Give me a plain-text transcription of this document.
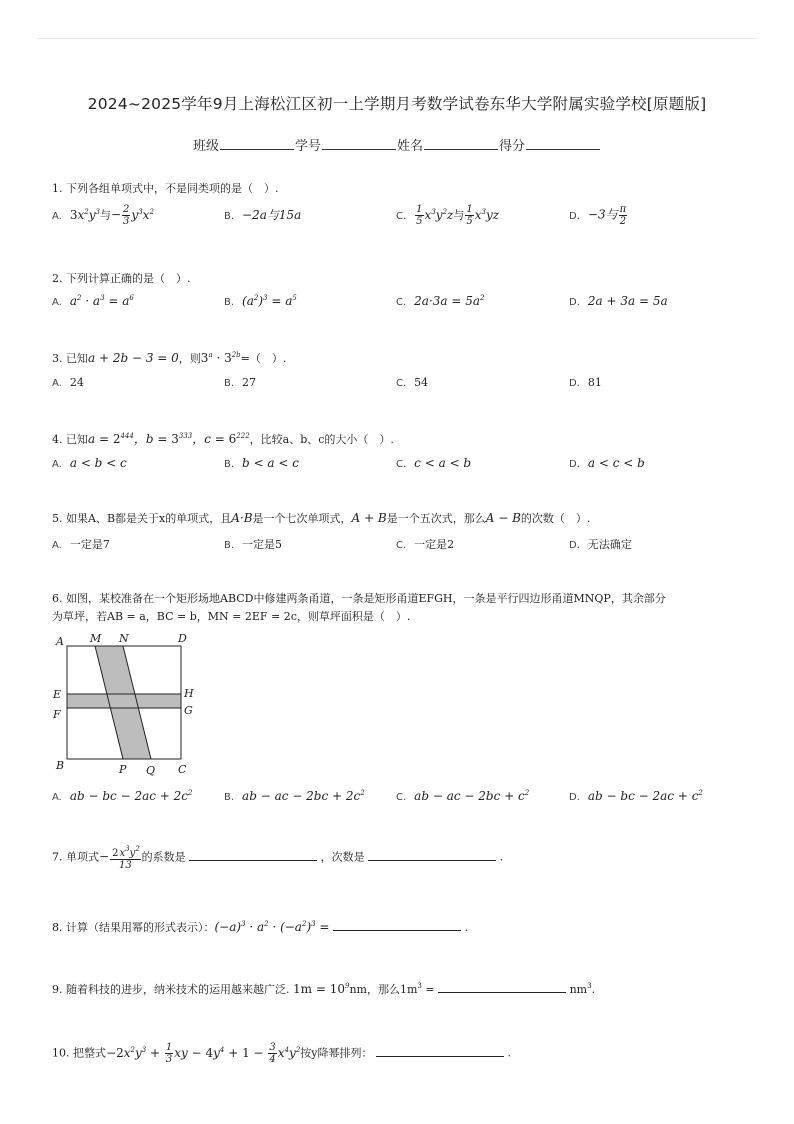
2024~2025学年9月上海松江区初一上学期月考数学试卷东华大学附属实验学校[原题版]
班级	学号	姓名	得分
1. 下列各组单项式中，不是同类项的是（　）.
A. $3x^2y^3$与− $\frac{2}{3} y^3x^2$	B. −2a与15a	C. $\frac{1}{5} x^3y^2z$与 $\frac{1}{5} x^3yz$	D. −3与 $\frac{\pi}{2}$
2. 下列计算正确的是（　）.
A. $a^2 \cdot a^3 = a^6$	B. $(a^2)^3 = a^5$	C. $2a\cdot 3a = 5a^2$	D. 2a + 3a = 5a
3. 已知a + 2b − 3 = 0，则$3^a \cdot 3^{2b}=$（　）.
A. 24	B. 27	C. 54	D. 81
4. 已知$a = 2^{444}$，$b = 3^{333}$，$c = 6^{222}$，比较a、b、c的大小（　）.
A. a < b < c	B. b < a < c	C. c < a < b	D. a < c < b
5. 如果A、B都是关于x的单项式，且A·B是一个七次单项式，A + B是一个五次式，那么A − B的次数（　）.
A. 一定是7	B. 一定是5	C. 一定是2	D. 无法确定
6. 如图，某校准备在一个矩形场地ABCD中修建两条甬道，一条是矩形甬道EFGH，一条是平行四边形甬道MNQP，其余部分
为草坪，若AB = a，BC = b，MN = 2EF = 2c，则草坪面积是（　）.
A M N	D
E
F
H
G
B	P Q C
A. ab − bc − $2ac + 2c^2$	B. ab − ac − $2bc + 2c^2$	C. ab − ac − $2bc + c^2$	D. ab − bc − $2ac + c^2$
7. 单项式− $\frac{2x^3y^2}{13}$ 的系数是	，次数是	.
8. 计算（结果用幂的形式表示）：$(-a)^3 \cdot a^2 \cdot (-a^2)^3$ =	.
9. 随着科技的进步，纳米技术的运用越来越广泛. $1m = 10^9nm$，那么$1m^3$ =	$nm^3$.
10. 把整式$-2x^2y^3 + \frac{1}{3}$ xy − $4y^4 + 1 - \frac{3}{4} x^4y^2$按y降幂排列：	.
